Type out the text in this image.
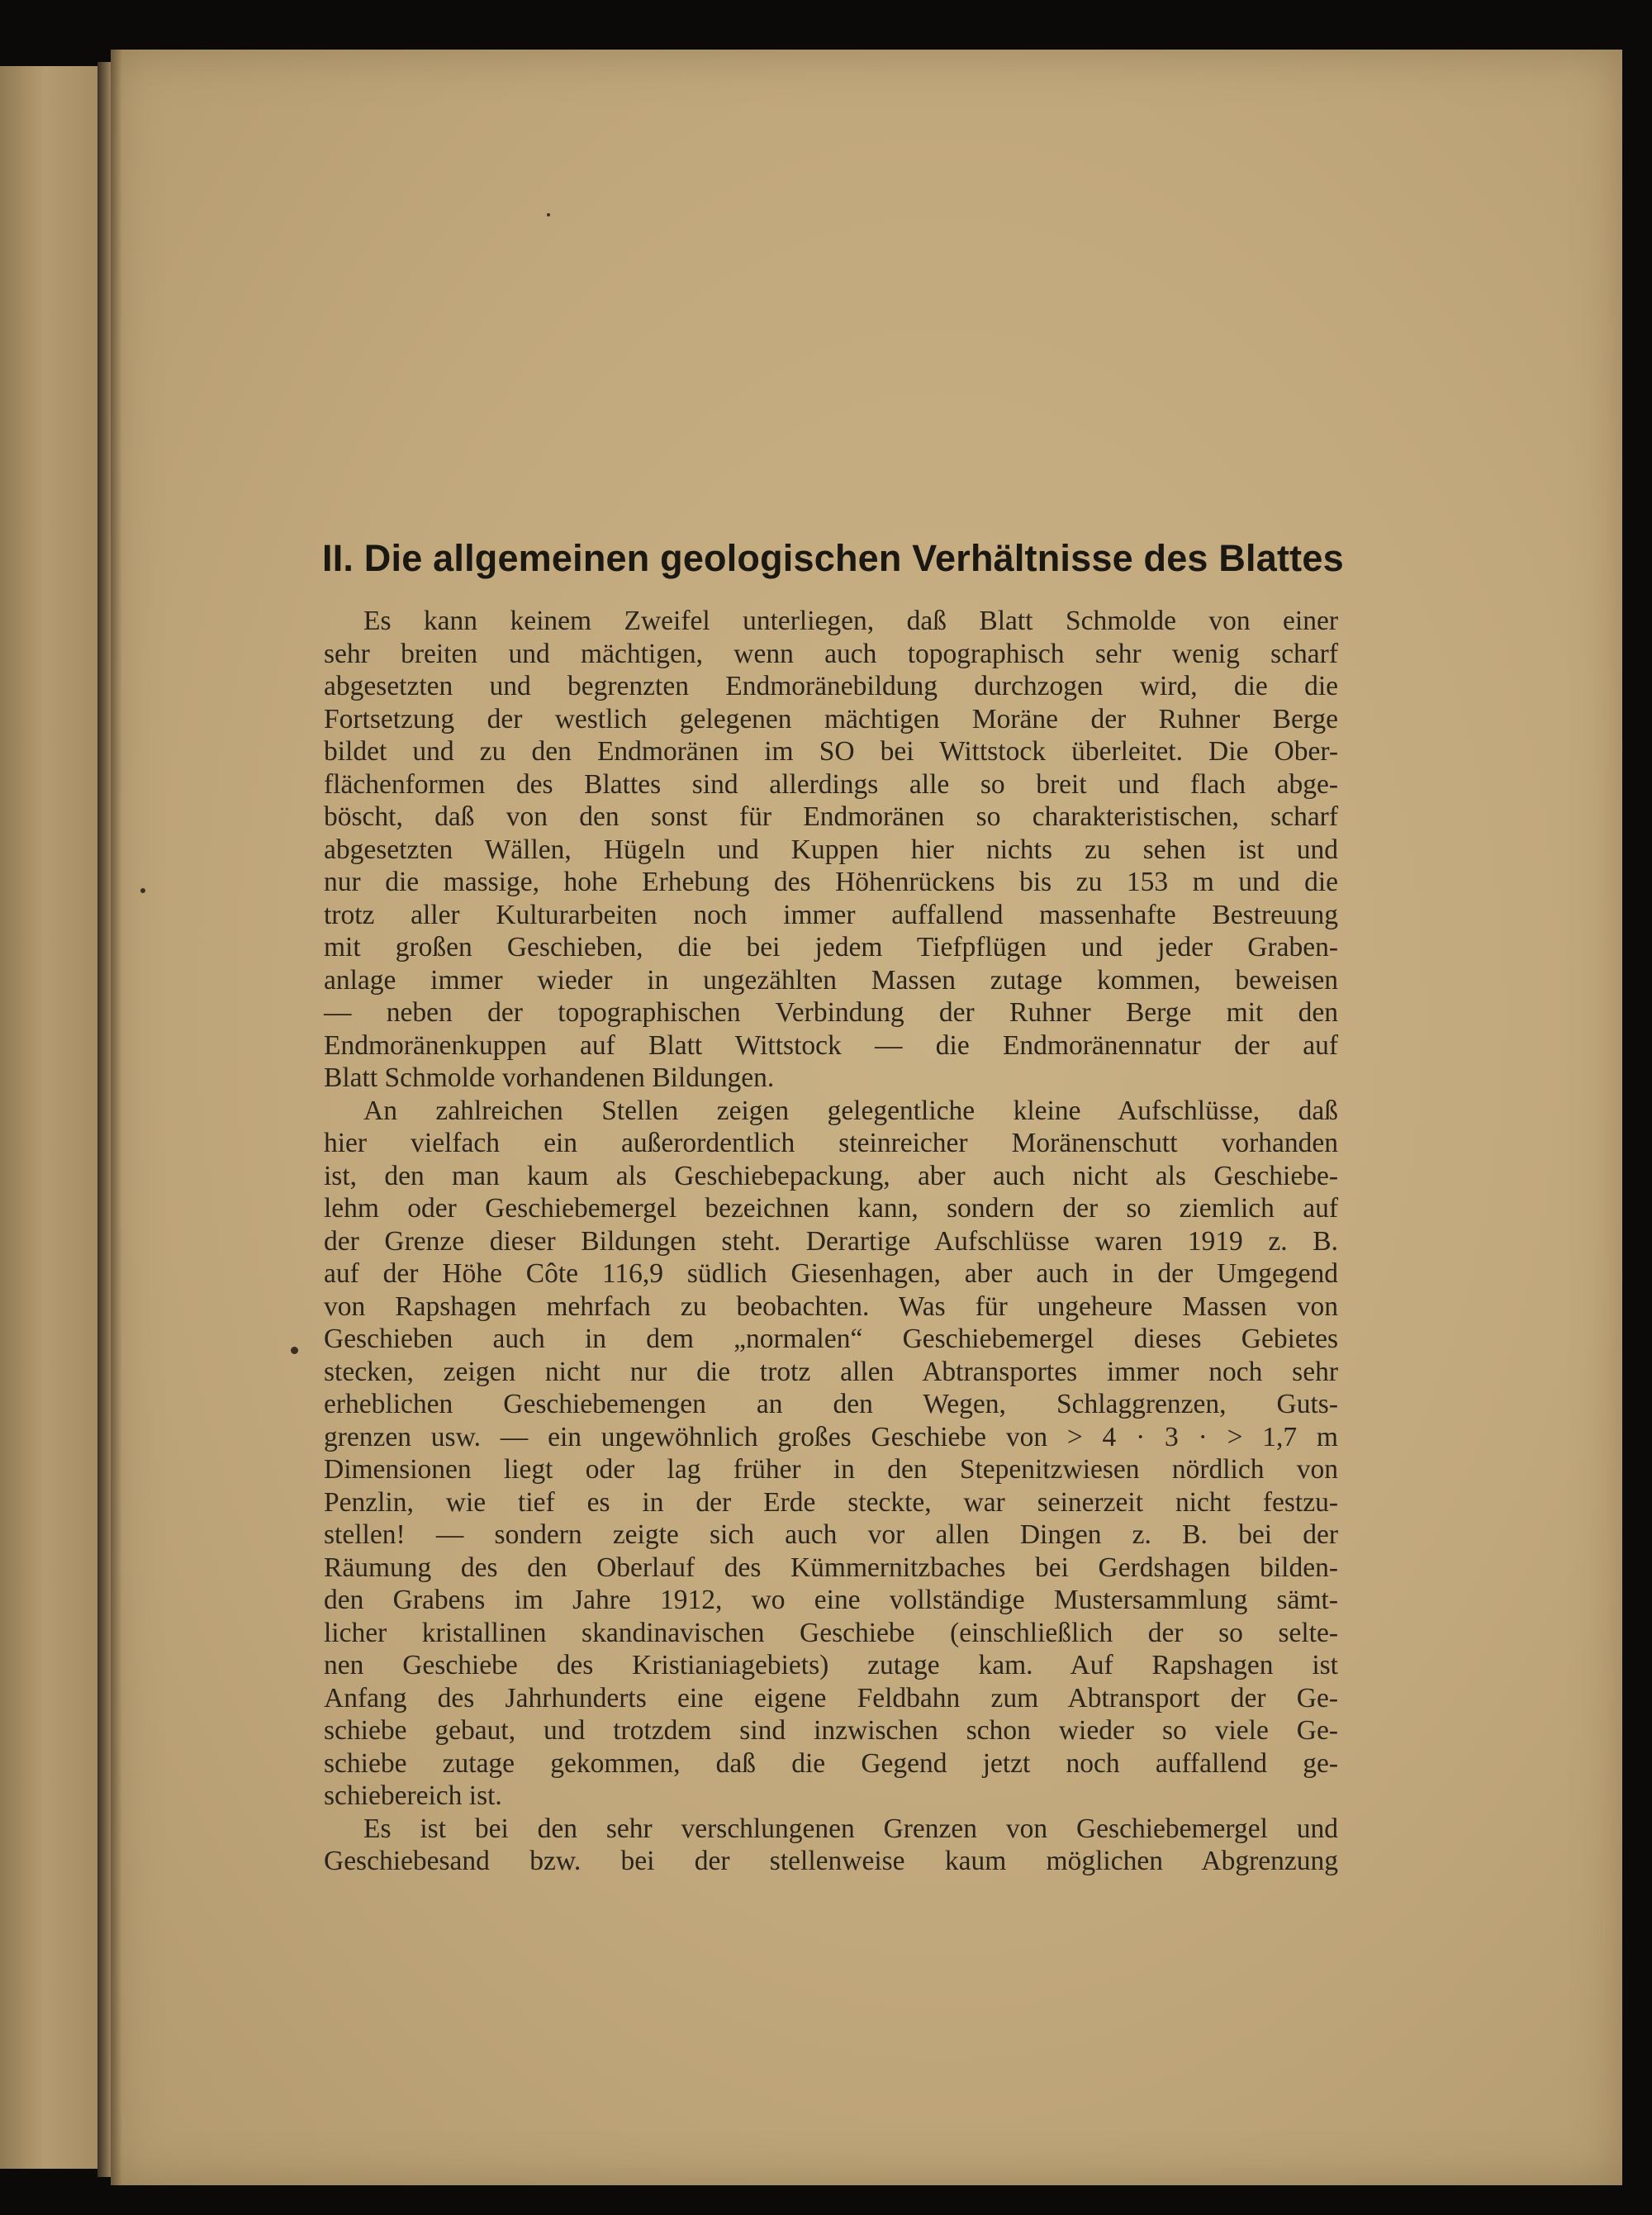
II. Die allgemeinen geologischen Verhältnisse des Blattes
Es kann keinem Zweifel unterliegen, daß Blatt Schmolde von einer
sehr breiten und mächtigen, wenn auch topographisch sehr wenig scharf
abgesetzten und begrenzten Endmoränebildung durchzogen wird, die die
Fortsetzung der westlich gelegenen mächtigen Moräne der Ruhner Berge
bildet und zu den Endmoränen im SO bei Wittstock überleitet. Die Ober-
flächenformen des Blattes sind allerdings alle so breit und flach abge-
böscht, daß von den sonst für Endmoränen so charakteristischen, scharf
abgesetzten Wällen, Hügeln und Kuppen hier nichts zu sehen ist und
nur die massige, hohe Erhebung des Höhenrückens bis zu 153 m und die
trotz aller Kulturarbeiten noch immer auffallend massenhafte Bestreuung
mit großen Geschieben, die bei jedem Tiefpflügen und jeder Graben-
anlage immer wieder in ungezählten Massen zutage kommen, beweisen
— neben der topographischen Verbindung der Ruhner Berge mit den
Endmoränenkuppen auf Blatt Wittstock — die Endmoränennatur der auf
Blatt Schmolde vorhandenen Bildungen.
An zahlreichen Stellen zeigen gelegentliche kleine Aufschlüsse, daß
hier vielfach ein außerordentlich steinreicher Moränenschutt vorhanden
ist, den man kaum als Geschiebepackung, aber auch nicht als Geschiebe-
lehm oder Geschiebemergel bezeichnen kann, sondern der so ziemlich auf
der Grenze dieser Bildungen steht. Derartige Aufschlüsse waren 1919 z. B.
auf der Höhe Côte 116,9 südlich Giesenhagen, aber auch in der Umgegend
von Rapshagen mehrfach zu beobachten. Was für ungeheure Massen von
Geschieben auch in dem „normalen“ Geschiebemergel dieses Gebietes
stecken, zeigen nicht nur die trotz allen Abtransportes immer noch sehr
erheblichen Geschiebemengen an den Wegen, Schlaggrenzen, Guts-
grenzen usw. — ein ungewöhnlich großes Geschiebe von > 4 · 3 · > 1,7 m
Dimensionen liegt oder lag früher in den Stepenitzwiesen nördlich von
Penzlin, wie tief es in der Erde steckte, war seinerzeit nicht festzu-
stellen! — sondern zeigte sich auch vor allen Dingen z. B. bei der
Räumung des den Oberlauf des Kümmernitzbaches bei Gerdshagen bilden-
den Grabens im Jahre 1912, wo eine vollständige Mustersammlung sämt-
licher kristallinen skandinavischen Geschiebe (einschließlich der so selte-
nen Geschiebe des Kristianiagebiets) zutage kam. Auf Rapshagen ist
Anfang des Jahrhunderts eine eigene Feldbahn zum Abtransport der Ge-
schiebe gebaut, und trotzdem sind inzwischen schon wieder so viele Ge-
schiebe zutage gekommen, daß die Gegend jetzt noch auffallend ge-
schiebereich ist.
Es ist bei den sehr verschlungenen Grenzen von Geschiebemergel und
Geschiebesand bzw. bei der stellenweise kaum möglichen Abgrenzung
